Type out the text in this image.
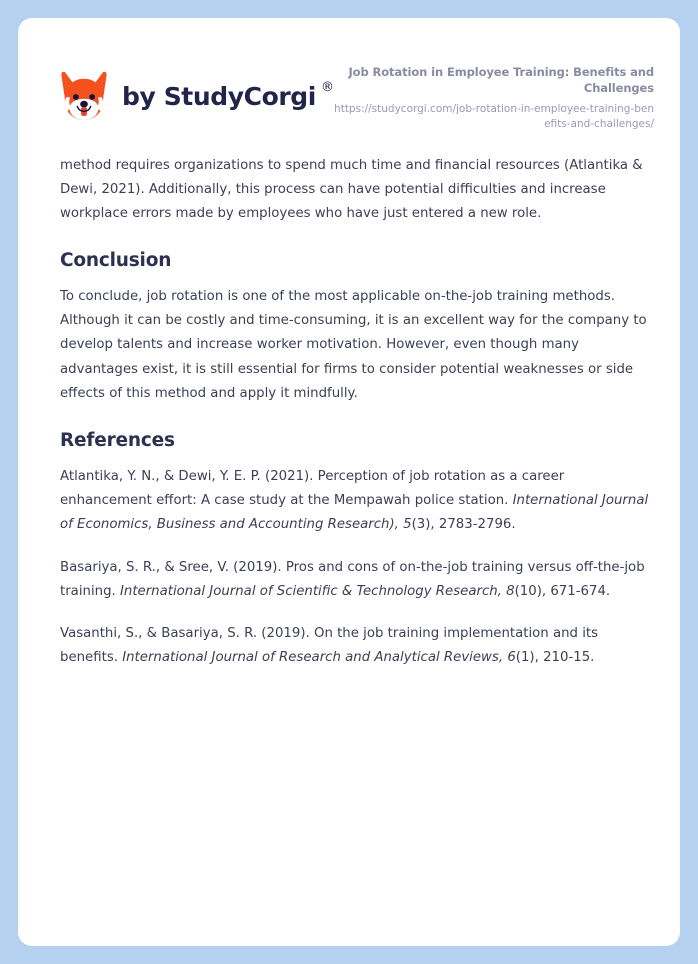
by StudyCorgi ®
Job Rotation in Employee Training: Benefits and Challenges
https://studycorgi.com/job-rotation-in-employee-training-benefits-and-challenges/

method requires organizations to spend much time and financial resources (Atlantika & Dewi, 2021). Additionally, this process can have potential difficulties and increase workplace errors made by employees who have just entered a new role.

Conclusion

To conclude, job rotation is one of the most applicable on-the-job training methods. Although it can be costly and time-consuming, it is an excellent way for the company to develop talents and increase worker motivation. However, even though many advantages exist, it is still essential for firms to consider potential weaknesses or side effects of this method and apply it mindfully.

References
Atlantika, Y. N., & Dewi, Y. E. P. (2021). Perception of job rotation as a career enhancement effort: A case study at the Mempawah police station. International Journal of Economics, Business and Accounting Research), 5(3), 2783-2796.
Basariya, S. R., & Sree, V. (2019). Pros and cons of on-the-job training versus off-the-job training. International Journal of Scientific & Technology Research, 8(10), 671-674.
Vasanthi, S., & Basariya, S. R. (2019). On the job training implementation and its benefits. International Journal of Research and Analytical Reviews, 6(1), 210-15.
